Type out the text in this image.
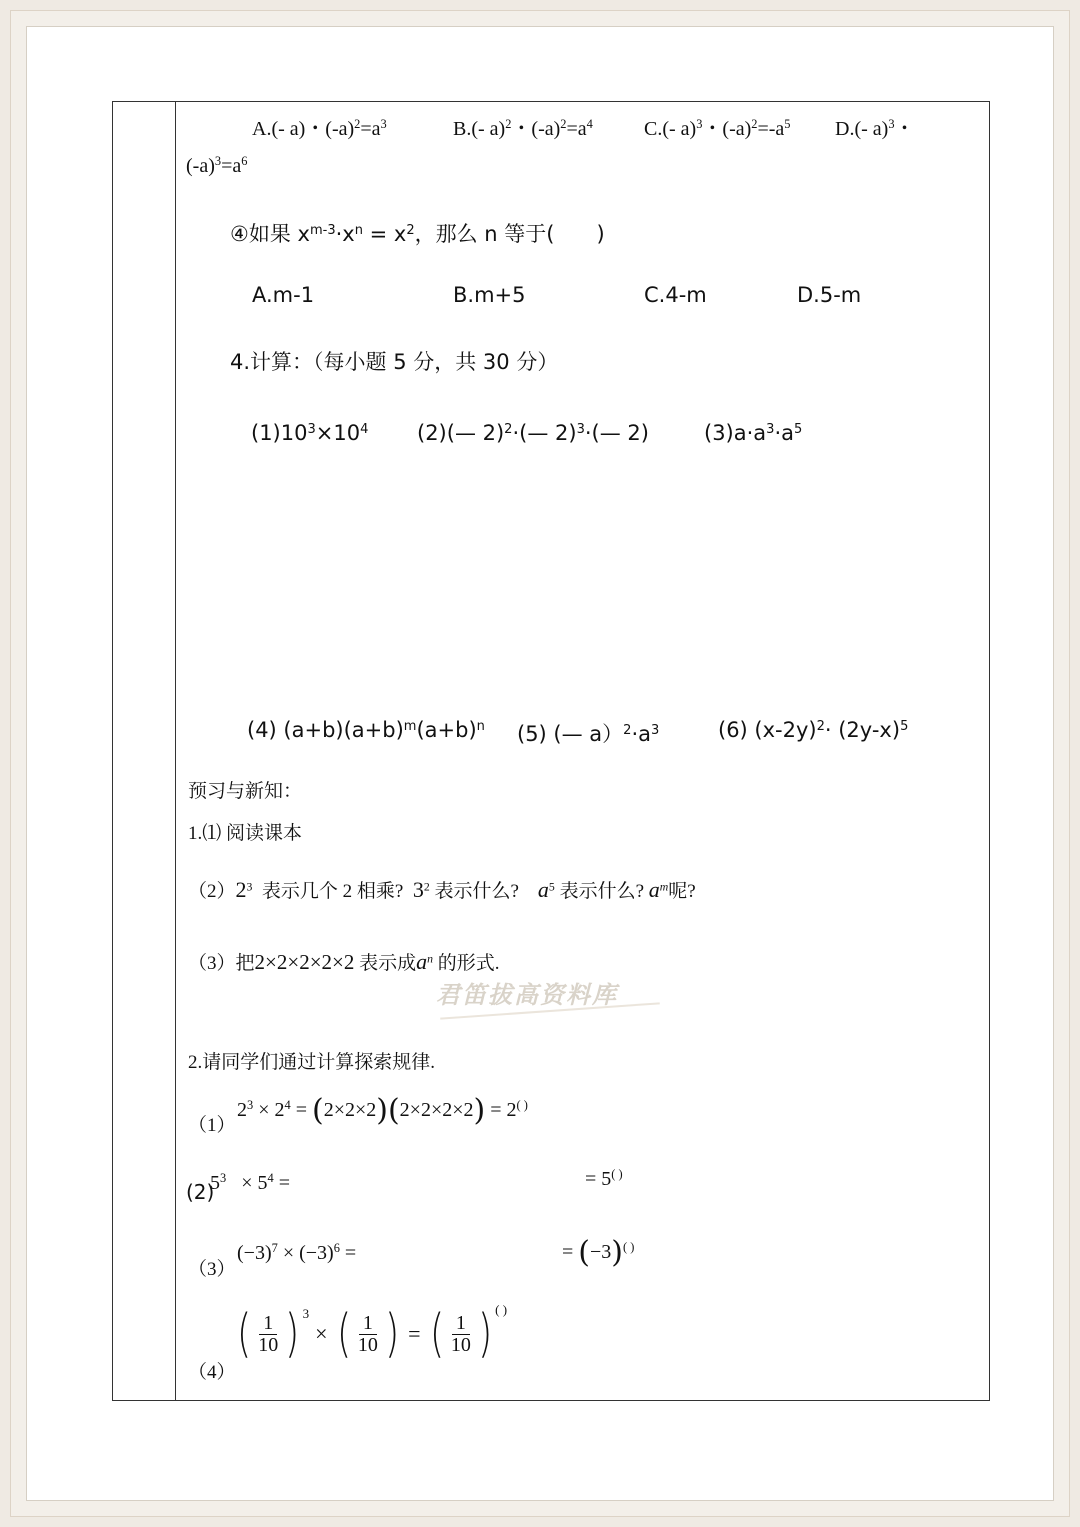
A.(- a)・$(-a)^2=a^3$	B.(- a)$^2$・$(-a)^2=a^4$	C.(- a)$^3$・$(-a)^2=-a^5$ D.(- a)$^3$・
$(-a)^3=a^6$
④如果 $x^{m-3}\cdot x^n = x^2$，那么 n 等于(　　)
A.m-1	B.m+5	C.4-m	D.5-m
4.计算：（每小题 5 分，共 30 分）
$(1)10^3\times 10^4$ (2)(— 2)$^2$·(— 2)$^3$·(— 2)	$(3)a\cdot a^3\cdot a^5$
(4) $(a+b)(a+b)^m(a+b)^n$ (5) (— $a)^2\cdot a^3$	(6) $(x-2y)^2\cdot (2y-x)^5$
预习与新知：
1.⑴ 阅读课本
$(2)2^3$ 表示几个 2 相乘? $3^2$ 表示什么? $a^5$ 表示什么? $a^m$呢?
（3）把2×2×2×2×2 表示成$a^n$ 的形式.
君笛拔高资料库
2.请同学们通过计算探索规律.
（1）
$2^3 \times 2^4 = (2\times 2\times 2)(2\times 2\times 2\times 2) = 2^{( )}$
(2)
$5^3 \times 5^4$ =	= 5( )
（3）
$(-3)^7 \times (-3)^6$ =	= (−3)( )
（4）
( $\frac{1}{10}$ ) 3
× ( $\frac{1}{10}$ ) = ( $\frac{1}{10}$ ) ( )
